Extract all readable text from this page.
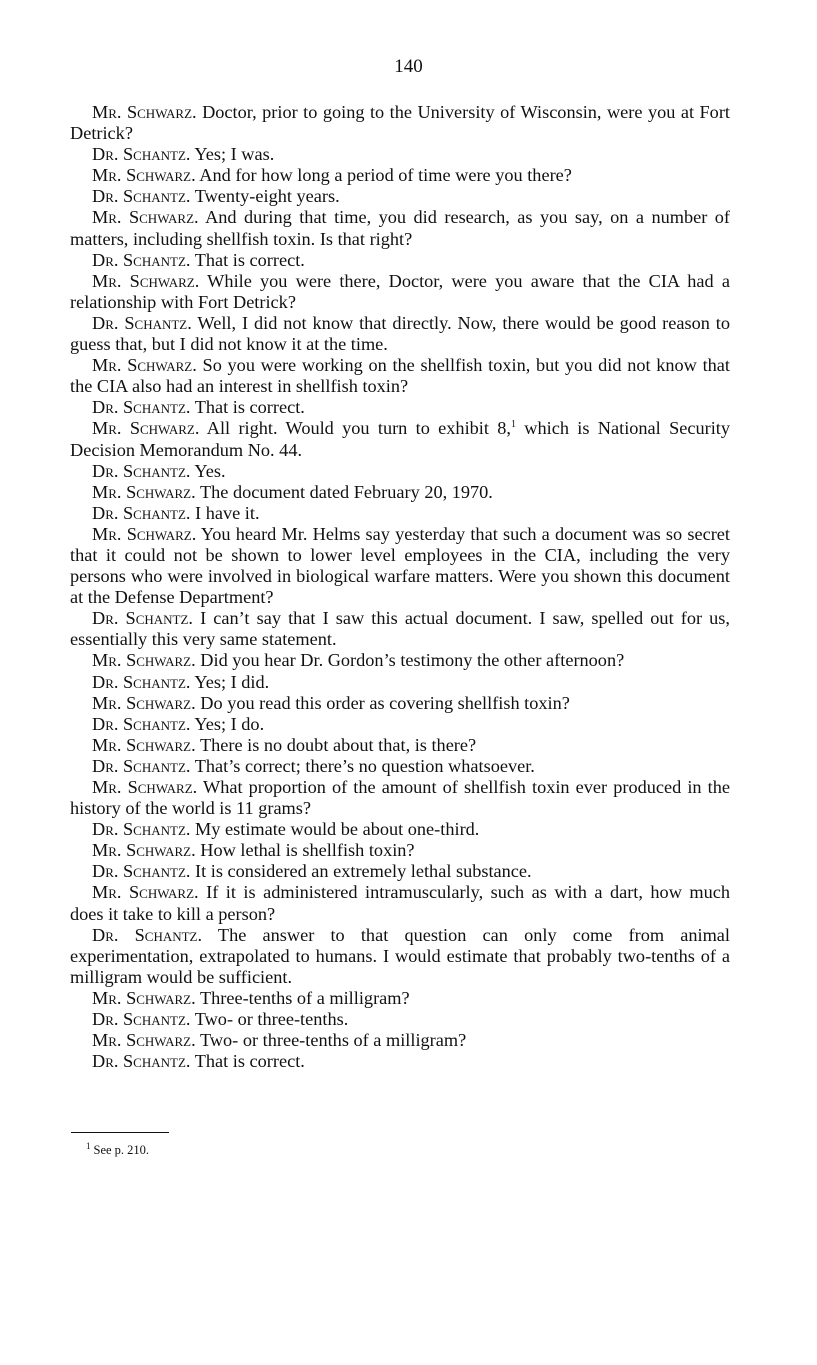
140

Mr. Schwarz. Doctor, prior to going to the University of Wisconsin, were you at Fort Detrick?

Dr. Schantz. Yes; I was.

Mr. Schwarz. And for how long a period of time were you there?

Dr. Schantz. Twenty-eight years.

Mr. Schwarz. And during that time, you did research, as you say, on a number of matters, including shellfish toxin. Is that right?

Dr. Schantz. That is correct.

Mr. Schwarz. While you were there, Doctor, were you aware that the CIA had a relationship with Fort Detrick?

Dr. Schantz. Well, I did not know that directly. Now, there would be good reason to guess that, but I did not know it at the time.

Mr. Schwarz. So you were working on the shellfish toxin, but you did not know that the CIA also had an interest in shellfish toxin?

Dr. Schantz. That is correct.

Mr. Schwarz. All right. Would you turn to exhibit 8,$^1$ which is National Security Decision Memorandum No. 44.

Dr. Schantz. Yes.

Mr. Schwarz. The document dated February 20, 1970.

Dr. Schantz. I have it.

Mr. Schwarz. You heard Mr. Helms say yesterday that such a document was so secret that it could not be shown to lower level employees in the CIA, including the very persons who were involved in biological warfare matters. Were you shown this document at the Defense Department?

Dr. Schantz. I can’t say that I saw this actual document. I saw, spelled out for us, essentially this very same statement.

Mr. Schwarz. Did you hear Dr. Gordon’s testimony the other afternoon?

Dr. Schantz. Yes; I did.

Mr. Schwarz. Do you read this order as covering shellfish toxin?

Dr. Schantz. Yes; I do.

Mr. Schwarz. There is no doubt about that, is there?

Dr. Schantz. That’s correct; there’s no question whatsoever.

Mr. Schwarz. What proportion of the amount of shellfish toxin ever produced in the history of the world is 11 grams?

Dr. Schantz. My estimate would be about one-third.

Mr. Schwarz. How lethal is shellfish toxin?

Dr. Schantz. It is considered an extremely lethal substance.

Mr. Schwarz. If it is administered intramuscularly, such as with a dart, how much does it take to kill a person?

Dr. Schantz. The answer to that question can only come from animal experimentation, extrapolated to humans. I would estimate that probably two-tenths of a milligram would be sufficient.

Mr. Schwarz. Three-tenths of a milligram?

Dr. Schantz. Two- or three-tenths.

Mr. Schwarz. Two- or three-tenths of a milligram?

Dr. Schantz. That is correct.

$^1$ See p. 210.
